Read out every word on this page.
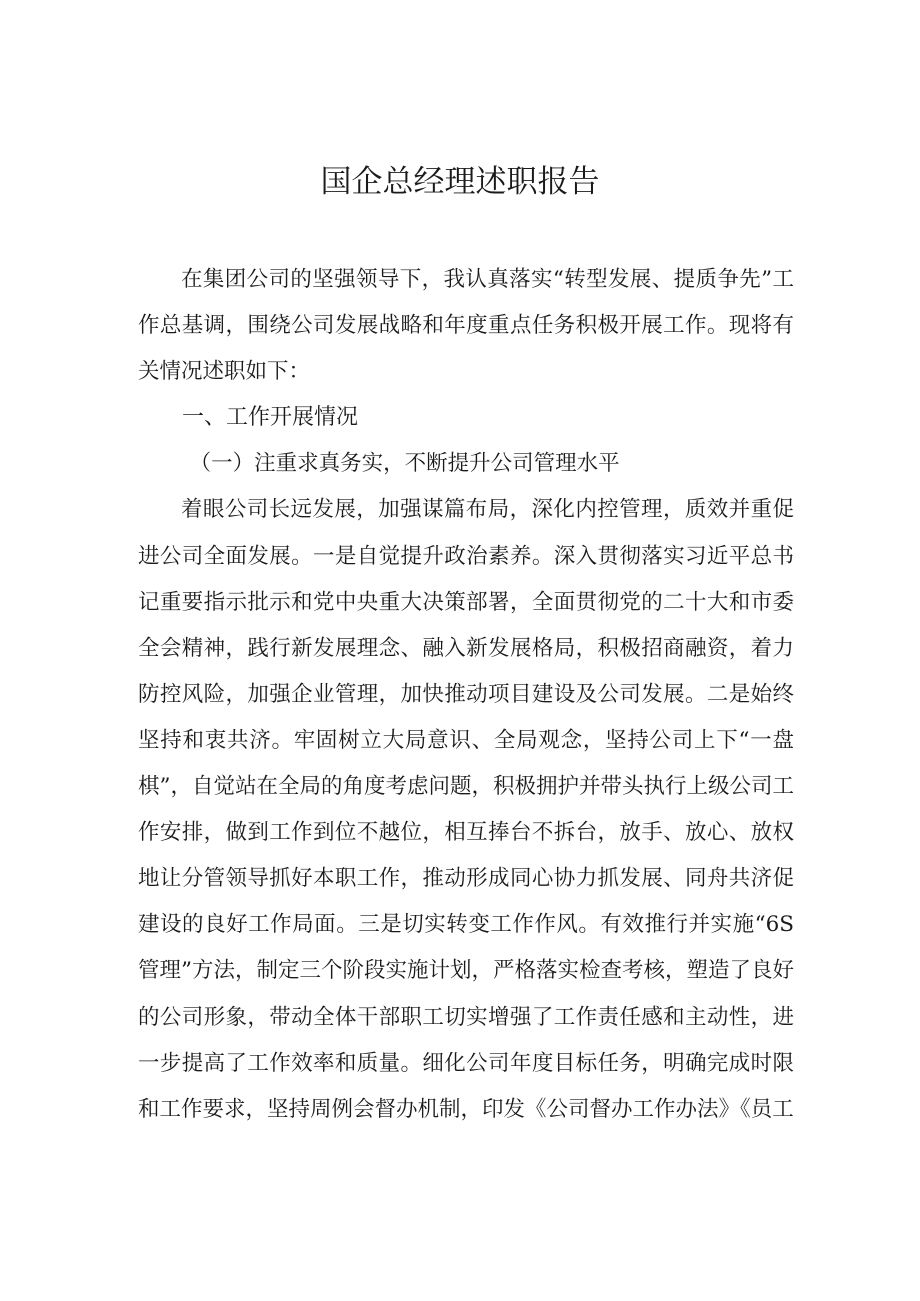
国企总经理述职报告

在集团公司的坚强领导下，我认真落实“转型发展、提质争先”工作总基调，围绕公司发展战略和年度重点任务积极开展工作。现将有关情况述职如下：

一、工作开展情况

（一）注重求真务实，不断提升公司管理水平

着眼公司长远发展，加强谋篇布局，深化内控管理，质效并重促进公司全面发展。一是自觉提升政治素养。深入贯彻落实习近平总书记重要指示批示和党中央重大决策部署，全面贯彻党的二十大和市委全会精神，践行新发展理念、融入新发展格局，积极招商融资，着力防控风险，加强企业管理，加快推动项目建设及公司发展。二是始终坚持和衷共济。牢固树立大局意识、全局观念，坚持公司上下“一盘棋”，自觉站在全局的角度考虑问题，积极拥护并带头执行上级公司工作安排，做到工作到位不越位，相互捧台不拆台，放手、放心、放权地让分管领导抓好本职工作，推动形成同心协力抓发展、同舟共济促建设的良好工作局面。三是切实转变工作作风。有效推行并实施“6S管理”方法，制定三个阶段实施计划，严格落实检查考核，塑造了良好的公司形象，带动全体干部职工切实增强了工作责任感和主动性，进一步提高了工作效率和质量。细化公司年度目标任务，明确完成时限和工作要求，坚持周例会督办机制，印发《公司督办工作办法》《员工
